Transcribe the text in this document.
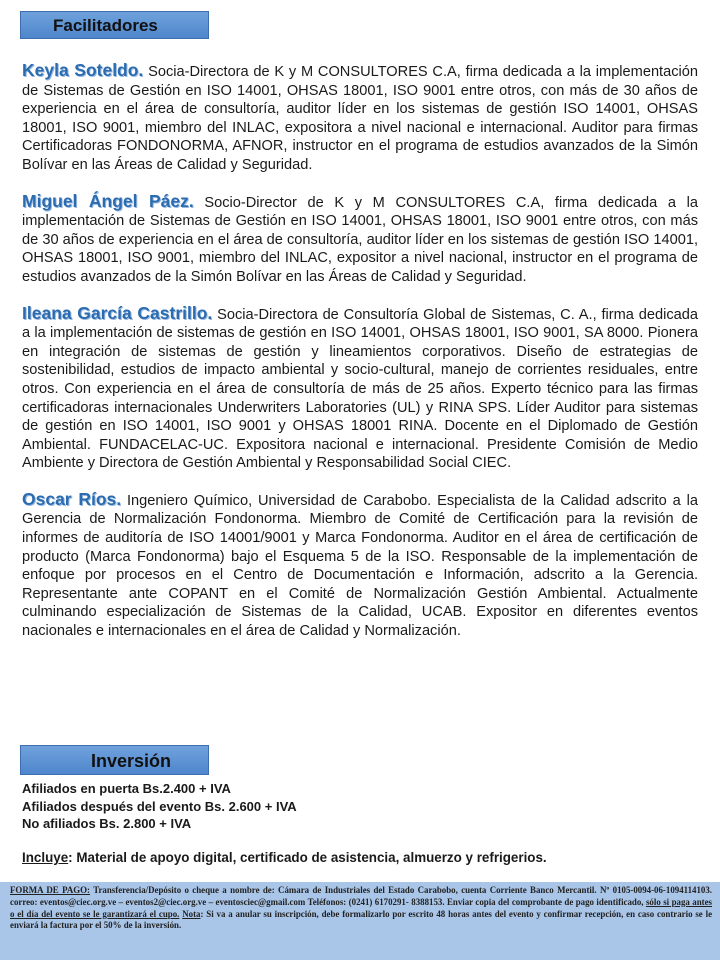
Facilitadores

Keyla Soteldo. Socia-Directora de K y M CONSULTORES C.A, firma dedicada a la implementación de Sistemas de Gestión en ISO 14001, OHSAS 18001, ISO 9001 entre otros, con más de 30 años de experiencia en el área de consultoría, auditor líder en los sistemas de gestión ISO 14001, OHSAS 18001, ISO 9001, miembro del INLAC, expositora a nivel nacional e internacional. Auditor para firmas Certificadoras FONDONORMA, AFNOR, instructor en el programa de estudios avanzados de la Simón Bolívar en las Áreas de Calidad y Seguridad.

Miguel Ángel Páez. Socio-Director de K y M CONSULTORES C.A, firma dedicada a la implementación de Sistemas de Gestión en ISO 14001, OHSAS 18001, ISO 9001 entre otros, con más de 30 años de experiencia en el área de consultoría, auditor líder en los sistemas de gestión ISO 14001, OHSAS 18001, ISO 9001, miembro del INLAC, expositor a nivel nacional, instructor en el programa de estudios avanzados de la Simón Bolívar en las Áreas de Calidad y Seguridad.

Ileana García Castrillo. Socia-Directora de Consultoría Global de Sistemas, C. A., firma dedicada a la implementación de sistemas de gestión en ISO 14001, OHSAS 18001, ISO 9001, SA 8000. Pionera en integración de sistemas de gestión y lineamientos corporativos. Diseño de estrategias de sostenibilidad, estudios de impacto ambiental y socio-cultural, manejo de corrientes residuales, entre otros. Con experiencia en el área de consultoría de más de 25 años. Experto técnico para las firmas certificadoras internacionales Underwriters Laboratories (UL) y RINA SPS. Líder Auditor para sistemas de gestión en ISO 14001, ISO 9001 y OHSAS 18001 RINA. Docente en el Diplomado de Gestión Ambiental. FUNDACELAC-UC. Expositora nacional e internacional. Presidente Comisión de Medio Ambiente y Directora de Gestión Ambiental y Responsabilidad Social CIEC.

Oscar Ríos. Ingeniero Químico, Universidad de Carabobo. Especialista de la Calidad adscrito a la Gerencia de Normalización Fondonorma. Miembro de Comité de Certificación para la revisión de informes de auditoría de ISO 14001/9001 y Marca Fondonorma. Auditor en el área de certificación de producto (Marca Fondonorma) bajo el Esquema 5 de la ISO. Responsable de la implementación de enfoque por procesos en el Centro de Documentación e Información, adscrito a la Gerencia. Representante ante COPANT en el Comité de Normalización Gestión Ambiental. Actualmente culminando especialización de Sistemas de la Calidad, UCAB. Expositor en diferentes eventos nacionales e internacionales en el área de Calidad y Normalización.

Inversión
Afiliados en puerta Bs.2.400 + IVA
Afiliados después del evento Bs. 2.600 + IVA
No afiliados Bs. 2.800 + IVA
Incluye: Material de apoyo digital, certificado de asistencia, almuerzo y refrigerios.
FORMA DE PAGO: Transferencia/Depósito o cheque a nombre de: Cámara de Industriales del Estado Carabobo, cuenta Corriente Banco Mercantil. Nº 0105-0094-06-1094114103. correo: eventos@ciec.org.ve – eventos2@ciec.org.ve – eventosciec@gmail.com Teléfonos: (0241) 6170291- 8388153. Enviar copia del comprobante de pago identificado, sólo si paga antes o el día del evento se le garantizará el cupo. Nota: Si va a anular su inscripción, debe formalizarlo por escrito 48 horas antes del evento y confirmar recepción, en caso contrario se le enviará la factura por el 50% de la inversión.
